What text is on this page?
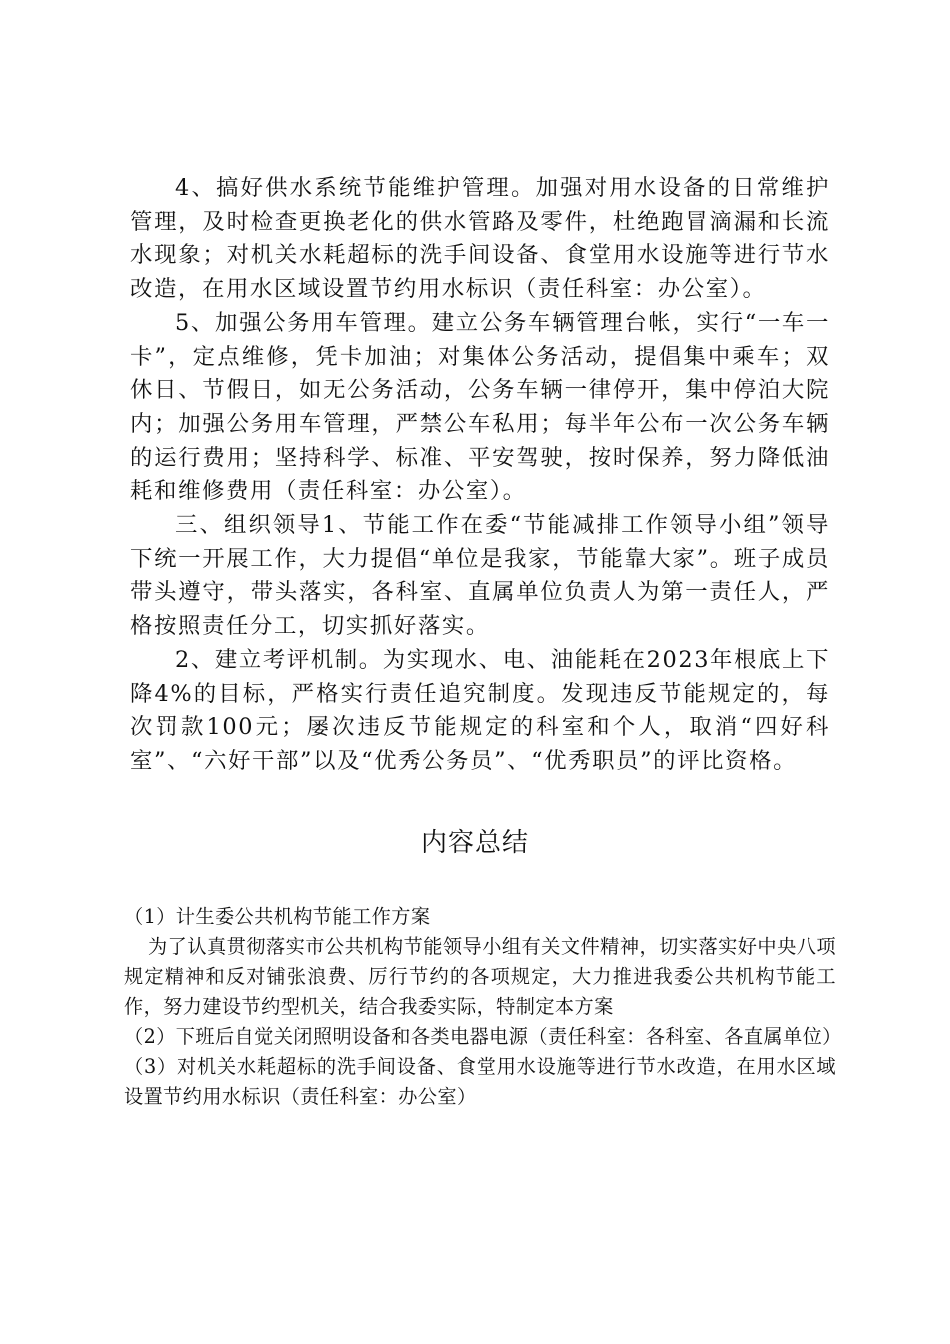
4、搞好供水系统节能维护管理。加强对用水设备的日常维护管理，及时检查更换老化的供水管路及零件，杜绝跑冒滴漏和长流水现象；对机关水耗超标的洗手间设备、食堂用水设施等进行节水改造，在用水区域设置节约用水标识（责任科室：办公室）。

5、加强公务用车管理。建立公务车辆管理台帐，实行“一车一卡”，定点维修，凭卡加油；对集体公务活动，提倡集中乘车；双休日、节假日，如无公务活动，公务车辆一律停开，集中停泊大院内；加强公务用车管理，严禁公车私用；每半年公布一次公务车辆的运行费用；坚持科学、标准、平安驾驶，按时保养，努力降低油耗和维修费用（责任科室：办公室）。

三、组织领导1、节能工作在委“节能减排工作领导小组”领导下统一开展工作，大力提倡“单位是我家，节能靠大家”。班子成员带头遵守，带头落实，各科室、直属单位负责人为第一责任人，严格按照责任分工，切实抓好落实。

2、建立考评机制。为实现水、电、油能耗在2023年根底上下降4%的目标，严格实行责任追究制度。发现违反节能规定的，每次罚款100元；屡次违反节能规定的科室和个人，取消“四好科室”、“六好干部”以及“优秀公务员”、“优秀职员”的评比资格。

内容总结

（1）计生委公共机构节能工作方案

为了认真贯彻落实市公共机构节能领导小组有关文件精神，切实落实好中央八项规定精神和反对铺张浪费、厉行节约的各项规定，大力推进我委公共机构节能工作，努力建设节约型机关，结合我委实际，特制定本方案

（2）下班后自觉关闭照明设备和各类电器电源（责任科室：各科室、各直属单位）

（3）对机关水耗超标的洗手间设备、食堂用水设施等进行节水改造，在用水区域设置节约用水标识（责任科室：办公室）
